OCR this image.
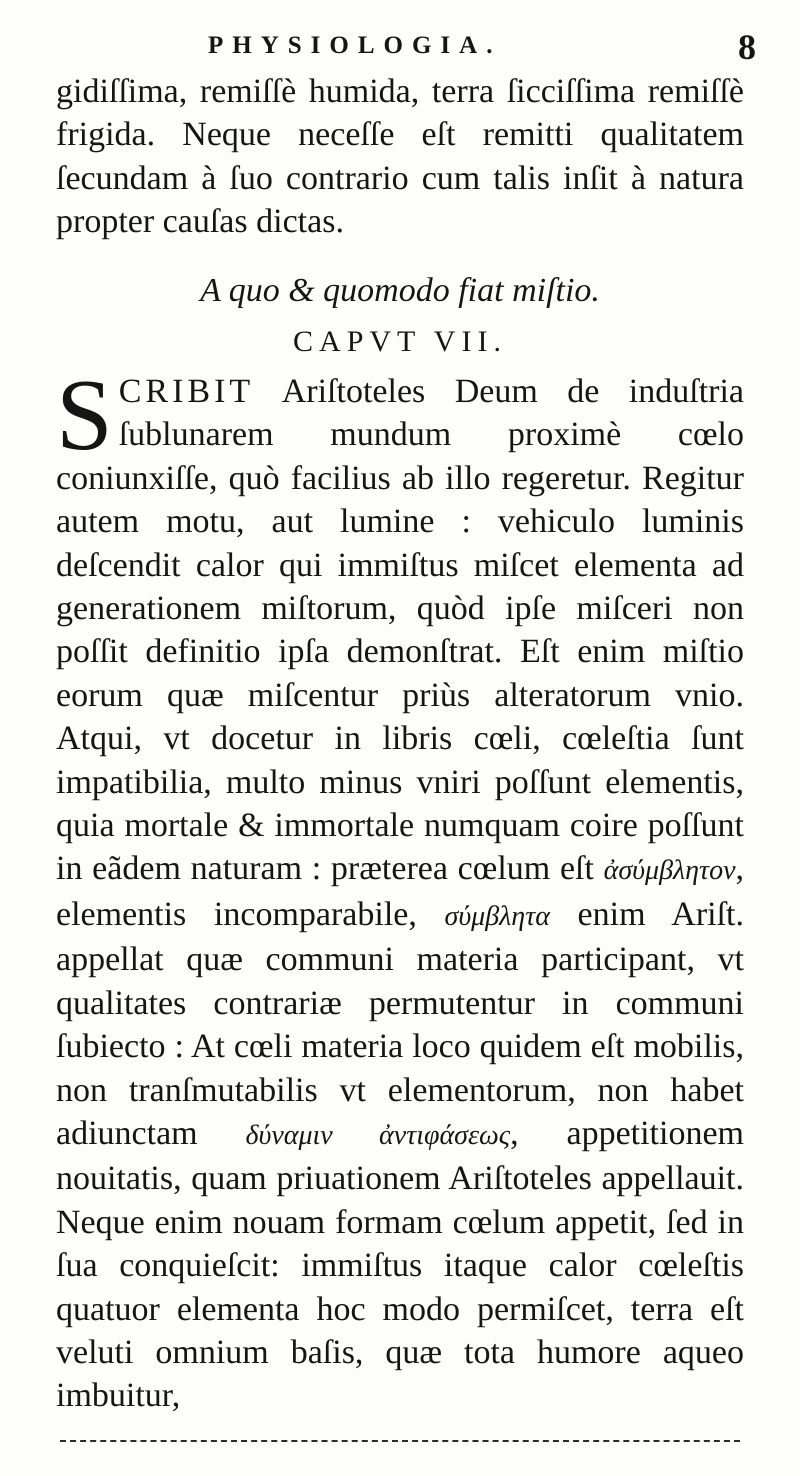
PHYSIOLOGIA.	8

gidiſſima, remiſſè humida, terra ſicciſſima remiſſè frigida. Neque neceſſe eſt remitti qualitatem ſecundam à ſuo contrario cum talis inſit à natura propter cauſas dictas.

A quo & quomodo fiat miſtio.

CAPVT VII.

SCRIBIT Ariſtoteles Deum de induſtria ſublunarem mundum proximè cœlo coniunxiſſe, quò facilius ab illo regeretur. Regitur autem motu, aut lumine : vehiculo luminis deſcendit calor qui immiſtus miſcet elementa ad generationem miſtorum, quòd ipſe miſceri non poſſit definitio ipſa demonſtrat. Eſt enim miſtio eorum quæ miſcentur priùs alteratorum vnio. Atqui, vt docetur in libris cœli, cœleſtia ſunt impatibilia, multo minus vniri poſſunt elementis, quia mortale & immortale numquam coire poſſunt in eãdem naturam : præterea cœlum eſt ἀσύμβλητον, elementis incomparabile, σύμβλητα enim Ariſt. appellat quæ communi materia participant, vt qualitates contrariæ permutentur in communi ſubiecto : At cœli materia loco quidem eſt mobilis, non tranſmutabilis vt elementorum, non habet adiunctam δύναμιν ἀντιφάσεως, appetitionem nouitatis, quam priuationem Ariſtoteles appellauit. Neque enim nouam formam cœlum appetit, ſed in ſua conquieſcit: immiſtus itaque calor cœleſtis quatuor elementa hoc modo permiſcet, terra eſt veluti omnium baſis, quæ tota humore aqueo imbuitur,
